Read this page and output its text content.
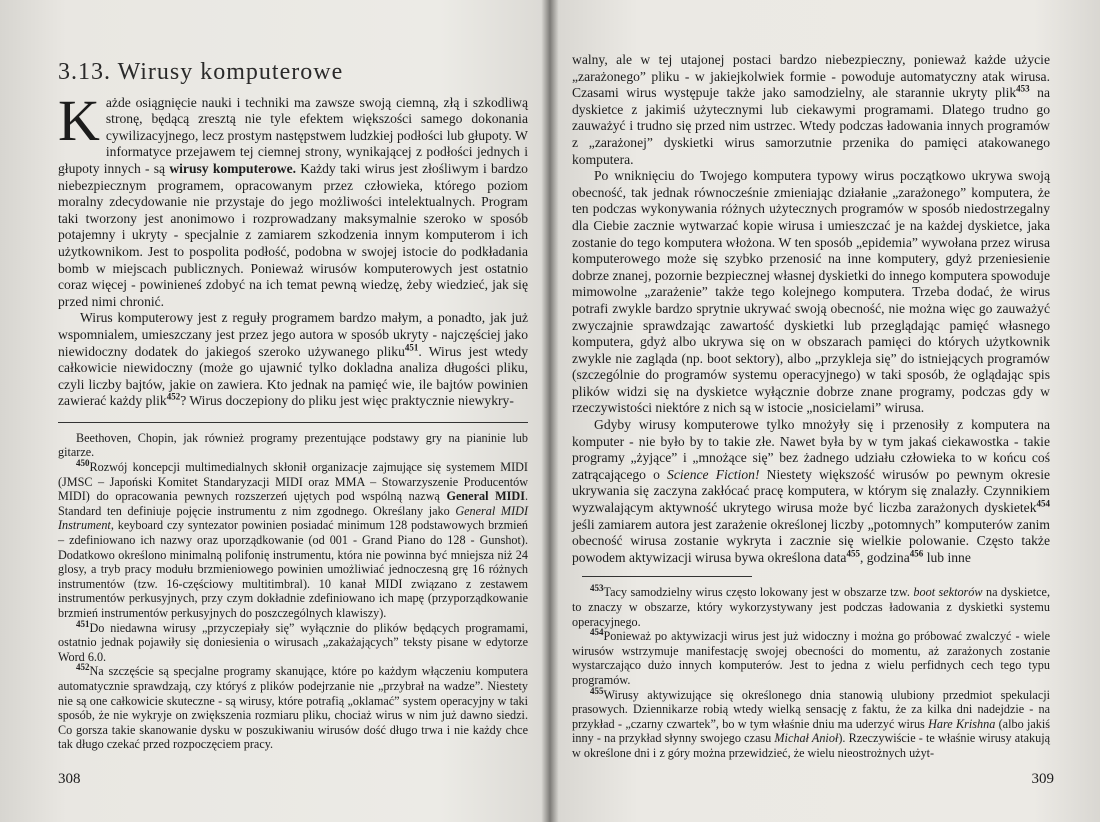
3.13. Wirusy komputerowe

Każde osiągnięcie nauki i techniki ma zawsze swoją ciemną, złą i szkodliwą stronę, będącą zresztą nie tyle efektem większości samego dokonania cywilizacyjnego, lecz prostym następstwem ludzkiej podłości lub głupoty. W informatyce przejawem tej ciemnej strony, wynikającej z podłości jednych i głupoty innych - są wirusy komputerowe. Każdy taki wirus jest złośliwym i bardzo niebezpiecznym programem, opracowanym przez człowieka, którego poziom moralny zdecydowanie nie przystaje do jego możliwości intelektualnych. Program taki tworzony jest anonimowo i rozprowadzany maksymalnie szeroko w sposób potajemny i ukryty - specjalnie z zamiarem szkodzenia innym komputerom i ich użytkownikom. Jest to pospolita podłość, podobna w swojej istocie do podkładania bomb w miejscach publicznych. Ponieważ wirusów komputerowych jest ostatnio coraz więcej - powinieneś zdobyć na ich temat pewną wiedzę, żeby wiedzieć, jak się przed nimi chronić.

Wirus komputerowy jest z reguły programem bardzo małym, a ponadto, jak już wspomnialem, umieszczany jest przez jego autora w sposób ukryty - najczęściej jako niewidoczny dodatek do jakiegoś szeroko używanego pliku$^{451}$. Wirus jest wtedy całkowicie niewidoczny (może go ujawnić tylko dokladna analiza długości pliku, czyli liczby bajtów, jakie on zawiera. Kto jednak na pamięć wie, ile bajtów powinien zawierać każdy plik$^{452}$? Wirus doczepiony do pliku jest więc praktycznie niewykry-

Beethoven, Chopin, jak również programy prezentujące podstawy gry na pianinie lub gitarze.

$^{450}$Rozwój koncepcji multimedialnych skłonił organizacje zajmujące się systemem MIDI (JMSC – Japoński Komitet Standaryzacji MIDI oraz MMA – Stowarzyszenie Producentów MIDI) do opracowania pewnych rozszerzeń ujętych pod wspólną nazwą General MIDI. Standard ten definiuje pojęcie instrumentu z nim zgodnego. Określany jako General MIDI Instrument, keyboard czy syntezator powinien posiadać minimum 128 podstawowych brzmień – zdefiniowano ich nazwy oraz uporządkowanie (od 001 - Grand Piano do 128 - Gunshot). Dodatkowo określono minimalną polifonię instrumentu, która nie powinna być mniejsza niż 24 glosy, a tryb pracy modułu brzmieniowego powinien umożliwiać jednoczesną grę 16 różnych instrumentów (tzw. 16-częściowy multitimbral). 10 kanał MIDI związano z zestawem instrumentów perkusyjnych, przy czym dokładnie zdefiniowano ich mapę (przyporządkowanie brzmień instrumentów perkusyjnych do poszczególnych klawiszy).

$^{451}$Do niedawna wirusy „przyczepiały się” wyłącznie do plików będących programami, ostatnio jednak pojawiły się doniesienia o wirusach „zakażających” teksty pisane w edytorze Word 6.0.

$^{452}$Na szczęście są specjalne programy skanujące, które po każdym włączeniu komputera automatycznie sprawdzają, czy któryś z plików podejrzanie nie „przybrał na wadze”. Niestety nie są one całkowicie skuteczne - są wirusy, które potrafią „oklamać” system operacyjny w taki sposób, że nie wykryje on zwiększenia rozmiaru pliku, chociaż wirus w nim już dawno siedzi. Co gorsza takie skanowanie dysku w poszukiwaniu wirusów dość długo trwa i nie każdy chce tak długo czekać przed rozpoczęciem pracy.

308

walny, ale w tej utajonej postaci bardzo niebezpieczny, ponieważ każde użycie „zarażonego” pliku - w jakiejkolwiek formie - powoduje automatyczny atak wirusa. Czasami wirus występuje także jako samodzielny, ale starannie ukryty plik$^{453}$ na dyskietce z jakimiś użytecznymi lub ciekawymi programami. Dlatego trudno go zauważyć i trudno się przed nim ustrzec. Wtedy podczas ładowania innych programów z „zarażonej” dyskietki wirus samorzutnie przenika do pamięci atakowanego komputera.

Po wniknięciu do Twojego komputera typowy wirus początkowo ukrywa swoją obecność, tak jednak równocześnie zmieniając działanie „zarażonego” komputera, że ten podczas wykonywania różnych użytecznych programów w sposób niedostrzegalny dla Ciebie zacznie wytwarzać kopie wirusa i umieszczać je na każdej dyskietce, jaka zostanie do tego komputera włożona. W ten sposób „epidemia” wywołana przez wirusa komputerowego może się szybko przenosić na inne komputery, gdyż przeniesienie dobrze znanej, pozornie bezpiecznej własnej dyskietki do innego komputera spowoduje mimowolne „zarażenie” także tego kolejnego komputera. Trzeba dodać, że wirus potrafi zwykle bardzo sprytnie ukrywać swoją obecność, nie można więc go zauważyć zwyczajnie sprawdzając zawartość dyskietki lub przeglądając pamięć własnego komputera, gdyż albo ukrywa się on w obszarach pamięci do których użytkownik zwykle nie zagląda (np. boot sektory), albo „przykleja się” do istniejących programów (szczególnie do programów systemu operacyjnego) w taki sposób, że oglądając spis plików widzi się na dyskietce wyłącznie dobrze znane programy, podczas gdy w rzeczywistości niektóre z nich są w istocie „nosicielami” wirusa.

Gdyby wirusy komputerowe tylko mnożyły się i przenosiły z komputera na komputer - nie było by to takie złe. Nawet była by w tym jakaś ciekawostka - takie programy „żyjące” i „mnożące się” bez żadnego udziału człowieka to w końcu coś zatrącającego o Science Fiction! Niestety większość wirusów po pewnym okresie ukrywania się zaczyna zakłócać pracę komputera, w którym się znalazły. Czynnikiem wyzwalającym aktywność ukrytego wirusa może być liczba zarażonych dyskietek$^{454}$ jeśli zamiarem autora jest zarażenie określonej liczby „potomnych” komputerów zanim obecność wirusa zostanie wykryta i zacznie się wielkie polowanie. Często także powodem aktywizacji wirusa bywa określona data$^{455}$, godzina$^{456}$ lub inne

$^{453}$Tacy samodzielny wirus często lokowany jest w obszarze tzw. boot sektorów na dyskietce, to znaczy w obszarze, który wykorzystywany jest podczas ładowania z dyskietki systemu operacyjnego.

$^{454}$Ponieważ po aktywizacji wirus jest już widoczny i można go próbować zwalczyć - wiele wirusów wstrzymuje manifestację swojej obecności do momentu, aż zarażonych zostanie wystarczająco dużo innych komputerów. Jest to jedna z wielu perfidnych cech tego typu programów.

$^{455}$Wirusy aktywizujące się określonego dnia stanowią ulubiony przedmiot spekulacji prasowych. Dziennikarze robią wtedy wielką sensację z faktu, że za kilka dni nadejdzie - na przykład - „czarny czwartek”, bo w tym właśnie dniu ma uderzyć wirus Hare Krishna (albo jakiś inny - na przykład słynny swojego czasu Michał Anioł). Rzeczywiście - te właśnie wirusy atakują w określone dni i z góry można przewidzieć, że wielu nieostrożnych użyt-

309
